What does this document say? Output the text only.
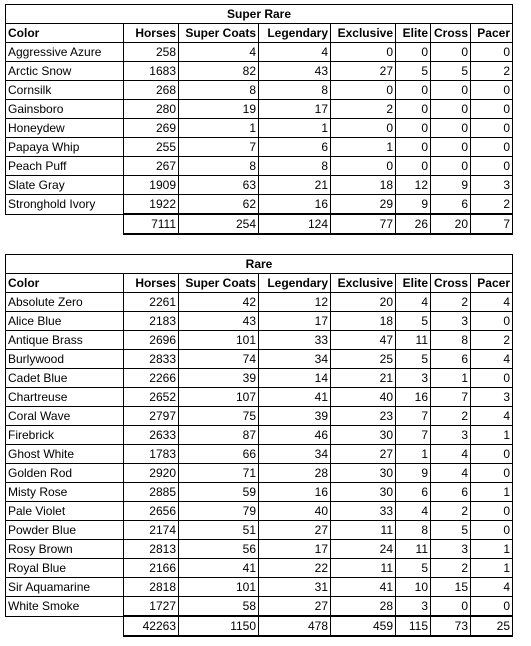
Super Rare							
Color	Horses	Super Coats	Legendary	Exclusive	Elite	Cross	Pacer
Aggressive Azure	258	4	4	0	0	0	0
Arctic Snow	1683	82	43	27	5	5	2
Cornsilk	268	8	8	0	0	0	0
Gainsboro	280	19	17	2	0	0	0
Honeydew	269	1	1	0	0	0	0
Papaya Whip	255	7	6	1	0	0	0
Peach Puff	267	8	8	0	0	0	0
Slate Gray	1909	63	21	18	12	9	3
Stronghold Ivory	1922	62	16	29	9	6	2
	7111	254	124	77	26	20	7
Rare							
Color	Horses	Super Coats	Legendary	Exclusive	Elite	Cross	Pacer
Absolute Zero	2261	42	12	20	4	2	4
Alice Blue	2183	43	17	18	5	3	0
Antique Brass	2696	101	33	47	11	8	2
Burlywood	2833	74	34	25	5	6	4
Cadet Blue	2266	39	14	21	3	1	0
Chartreuse	2652	107	41	40	16	7	3
Coral Wave	2797	75	39	23	7	2	4
Firebrick	2633	87	46	30	7	3	1
Ghost White	1783	66	34	27	1	4	0
Golden Rod	2920	71	28	30	9	4	0
Misty Rose	2885	59	16	30	6	6	1
Pale Violet	2656	79	40	33	4	2	0
Powder Blue	2174	51	27	11	8	5	0
Rosy Brown	2813	56	17	24	11	3	1
Royal Blue	2166	41	22	11	5	2	1
Sir Aquamarine	2818	101	31	41	10	15	4
White Smoke	1727	58	27	28	3	0	0
	42263	1150	478	459	115	73	25
